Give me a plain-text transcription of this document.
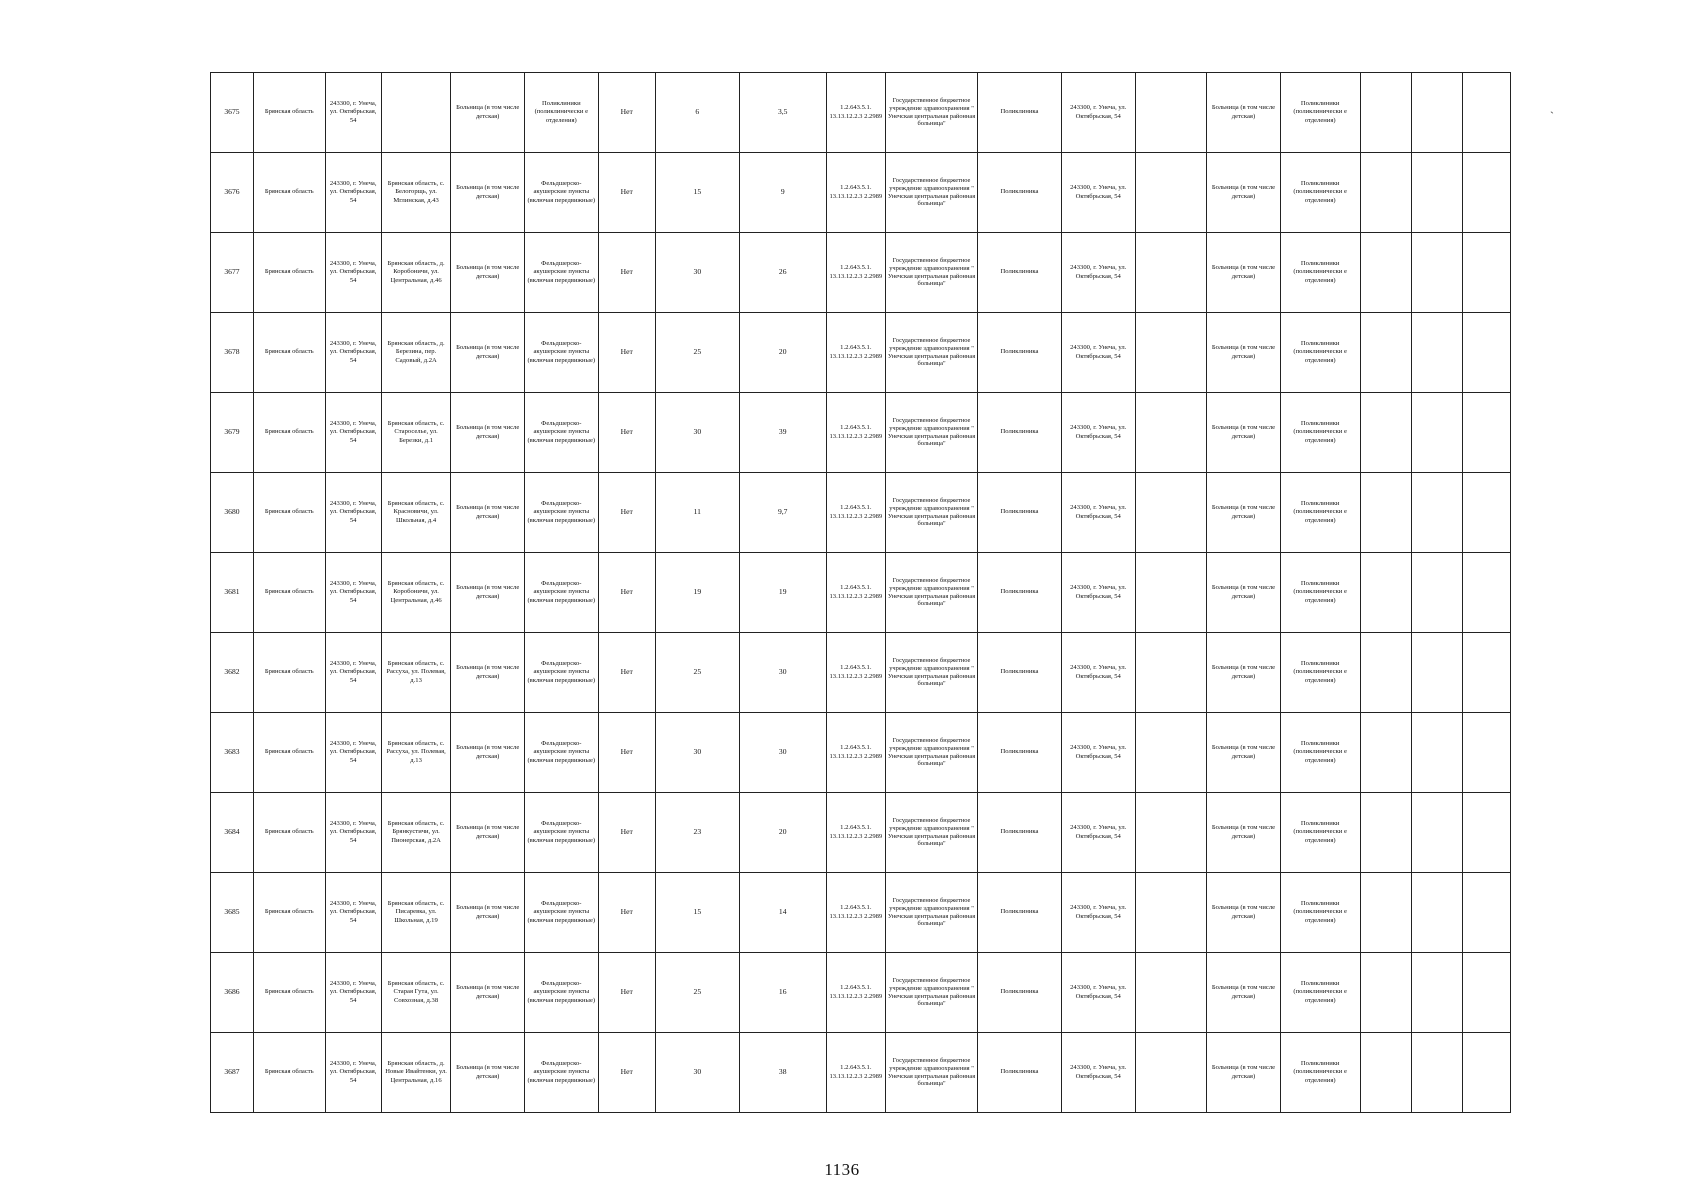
3675	Брянская область	243300, г. Унеча, ул. Октябрьская, 54		Больница (в том числе детская)	Поликлиники (поликлинически е отделения)	Нет	6	3,5	1.2.643.5.1. 13.13.12.2.3 2.2989	Государственное бюджетное учреждение здравоохранения " Унечская центральная районная больница"	Поликлиника	243300, г. Унеча, ул. Октябрьская, 54		Больница (в том числе детская)	Поликлиники (поликлинически е отделения)			
3676	Брянская область	243300, г. Унеча, ул. Октябрьская, 54	Брянская область, с. Белогорщь, ул. Мглинская, д.43	Больница (в том числе детская)	Фельдшерско-акушерские пункты (включая передвижные)	Нет	15	9	1.2.643.5.1. 13.13.12.2.3 2.2989	Государственное бюджетное учреждение здравоохранения " Унечская центральная районная больница"	Поликлиника	243300, г. Унеча, ул. Октябрьская, 54		Больница (в том числе детская)	Поликлиники (поликлинически е отделения)			
3677	Брянская область	243300, г. Унеча, ул. Октябрьская, 54	Брянская область, д. Коробоничи, ул. Центральная, д.46	Больница (в том числе детская)	Фельдшерско-акушерские пункты (включая передвижные)	Нет	30	26	1.2.643.5.1. 13.13.12.2.3 2.2989	Государственное бюджетное учреждение здравоохранения " Унечская центральная районная больница"	Поликлиника	243300, г. Унеча, ул. Октябрьская, 54		Больница (в том числе детская)	Поликлиники (поликлинически е отделения)			
3678	Брянская область	243300, г. Унеча, ул. Октябрьская, 54	Брянская область, д. Березина, пер. Садовый, д.2А	Больница (в том числе детская)	Фельдшерско-акушерские пункты (включая передвижные)	Нет	25	20	1.2.643.5.1. 13.13.12.2.3 2.2989	Государственное бюджетное учреждение здравоохранения " Унечская центральная районная больница"	Поликлиника	243300, г. Унеча, ул. Октябрьская, 54		Больница (в том числе детская)	Поликлиники (поликлинически е отделения)			
3679	Брянская область	243300, г. Унеча, ул. Октябрьская, 54	Брянская область, с. Староселье, ул. Березки, д.1	Больница (в том числе детская)	Фельдшерско-акушерские пункты (включая передвижные)	Нет	30	39	1.2.643.5.1. 13.13.12.2.3 2.2989	Государственное бюджетное учреждение здравоохранения " Унечская центральная районная больница"	Поликлиника	243300, г. Унеча, ул. Октябрьская, 54		Больница (в том числе детская)	Поликлиники (поликлинически е отделения)			
3680	Брянская область	243300, г. Унеча, ул. Октябрьская, 54	Брянская область, с. Красновичи, ул. Школьная, д.4	Больница (в том числе детская)	Фельдшерско-акушерские пункты (включая передвижные)	Нет	11	9,7	1.2.643.5.1. 13.13.12.2.3 2.2989	Государственное бюджетное учреждение здравоохранения " Унечская центральная районная больница"	Поликлиника	243300, г. Унеча, ул. Октябрьская, 54		Больница (в том числе детская)	Поликлиники (поликлинически е отделения)			
3681	Брянская область	243300, г. Унеча, ул. Октябрьская, 54	Брянская область, с. Коробоничи, ул. Центральная, д.46	Больница (в том числе детская)	Фельдшерско-акушерские пункты (включая передвижные)	Нет	19	19	1.2.643.5.1. 13.13.12.2.3 2.2989	Государственное бюджетное учреждение здравоохранения " Унечская центральная районная больница"	Поликлиника	243300, г. Унеча, ул. Октябрьская, 54		Больница (в том числе детская)	Поликлиники (поликлинически е отделения)			
3682	Брянская область	243300, г. Унеча, ул. Октябрьская, 54	Брянская область, с. Рассуха, ул. Полевая, д.13	Больница (в том числе детская)	Фельдшерско-акушерские пункты (включая передвижные)	Нет	25	30	1.2.643.5.1. 13.13.12.2.3 2.2989	Государственное бюджетное учреждение здравоохранения " Унечская центральная районная больница"	Поликлиника	243300, г. Унеча, ул. Октябрьская, 54		Больница (в том числе детская)	Поликлиники (поликлинически е отделения)			
3683	Брянская область	243300, г. Унеча, ул. Октябрьская, 54	Брянская область, с. Рассуха, ул. Полевая, д.13	Больница (в том числе детская)	Фельдшерско-акушерские пункты (включая передвижные)	Нет	30	30	1.2.643.5.1. 13.13.12.2.3 2.2989	Государственное бюджетное учреждение здравоохранения " Унечская центральная районная больница"	Поликлиника	243300, г. Унеча, ул. Октябрьская, 54		Больница (в том числе детская)	Поликлиники (поликлинически е отделения)			
3684	Брянская область	243300, г. Унеча, ул. Октябрьская, 54	Брянская область, с. Брянкустичи, ул. Пионерская, д.2А	Больница (в том числе детская)	Фельдшерско-акушерские пункты (включая передвижные)	Нет	23	20	1.2.643.5.1. 13.13.12.2.3 2.2989	Государственное бюджетное учреждение здравоохранения " Унечская центральная районная больница"	Поликлиника	243300, г. Унеча, ул. Октябрьская, 54		Больница (в том числе детская)	Поликлиники (поликлинически е отделения)			
3685	Брянская область	243300, г. Унеча, ул. Октябрьская, 54	Брянская область, с. Писаревка, ул. Школьная, д.19	Больница (в том числе детская)	Фельдшерско-акушерские пункты (включая передвижные)	Нет	15	14	1.2.643.5.1. 13.13.12.2.3 2.2989	Государственное бюджетное учреждение здравоохранения " Унечская центральная районная больница"	Поликлиника	243300, г. Унеча, ул. Октябрьская, 54		Больница (в том числе детская)	Поликлиники (поликлинически е отделения)			
3686	Брянская область	243300, г. Унеча, ул. Октябрьская, 54	Брянская область, с. Старая Гута, ул. Совхозная, д.38	Больница (в том числе детская)	Фельдшерско-акушерские пункты (включая передвижные)	Нет	25	16	1.2.643.5.1. 13.13.12.2.3 2.2989	Государственное бюджетное учреждение здравоохранения " Унечская центральная районная больница"	Поликлиника	243300, г. Унеча, ул. Октябрьская, 54		Больница (в том числе детская)	Поликлиники (поликлинически е отделения)			
3687	Брянская область	243300, г. Унеча, ул. Октябрьская, 54	Брянская область, д. Новые Ивайтенки, ул. Центральная, д.16	Больница (в том числе детская)	Фельдшерско-акушерские пункты (включая передвижные)	Нет	30	38	1.2.643.5.1. 13.13.12.2.3 2.2989	Государственное бюджетное учреждение здравоохранения " Унечская центральная районная больница"	Поликлиника	243300, г. Унеча, ул. Октябрьская, 54		Больница (в том числе детская)	Поликлиники (поликлинически е отделения)			
1136
ˎ
